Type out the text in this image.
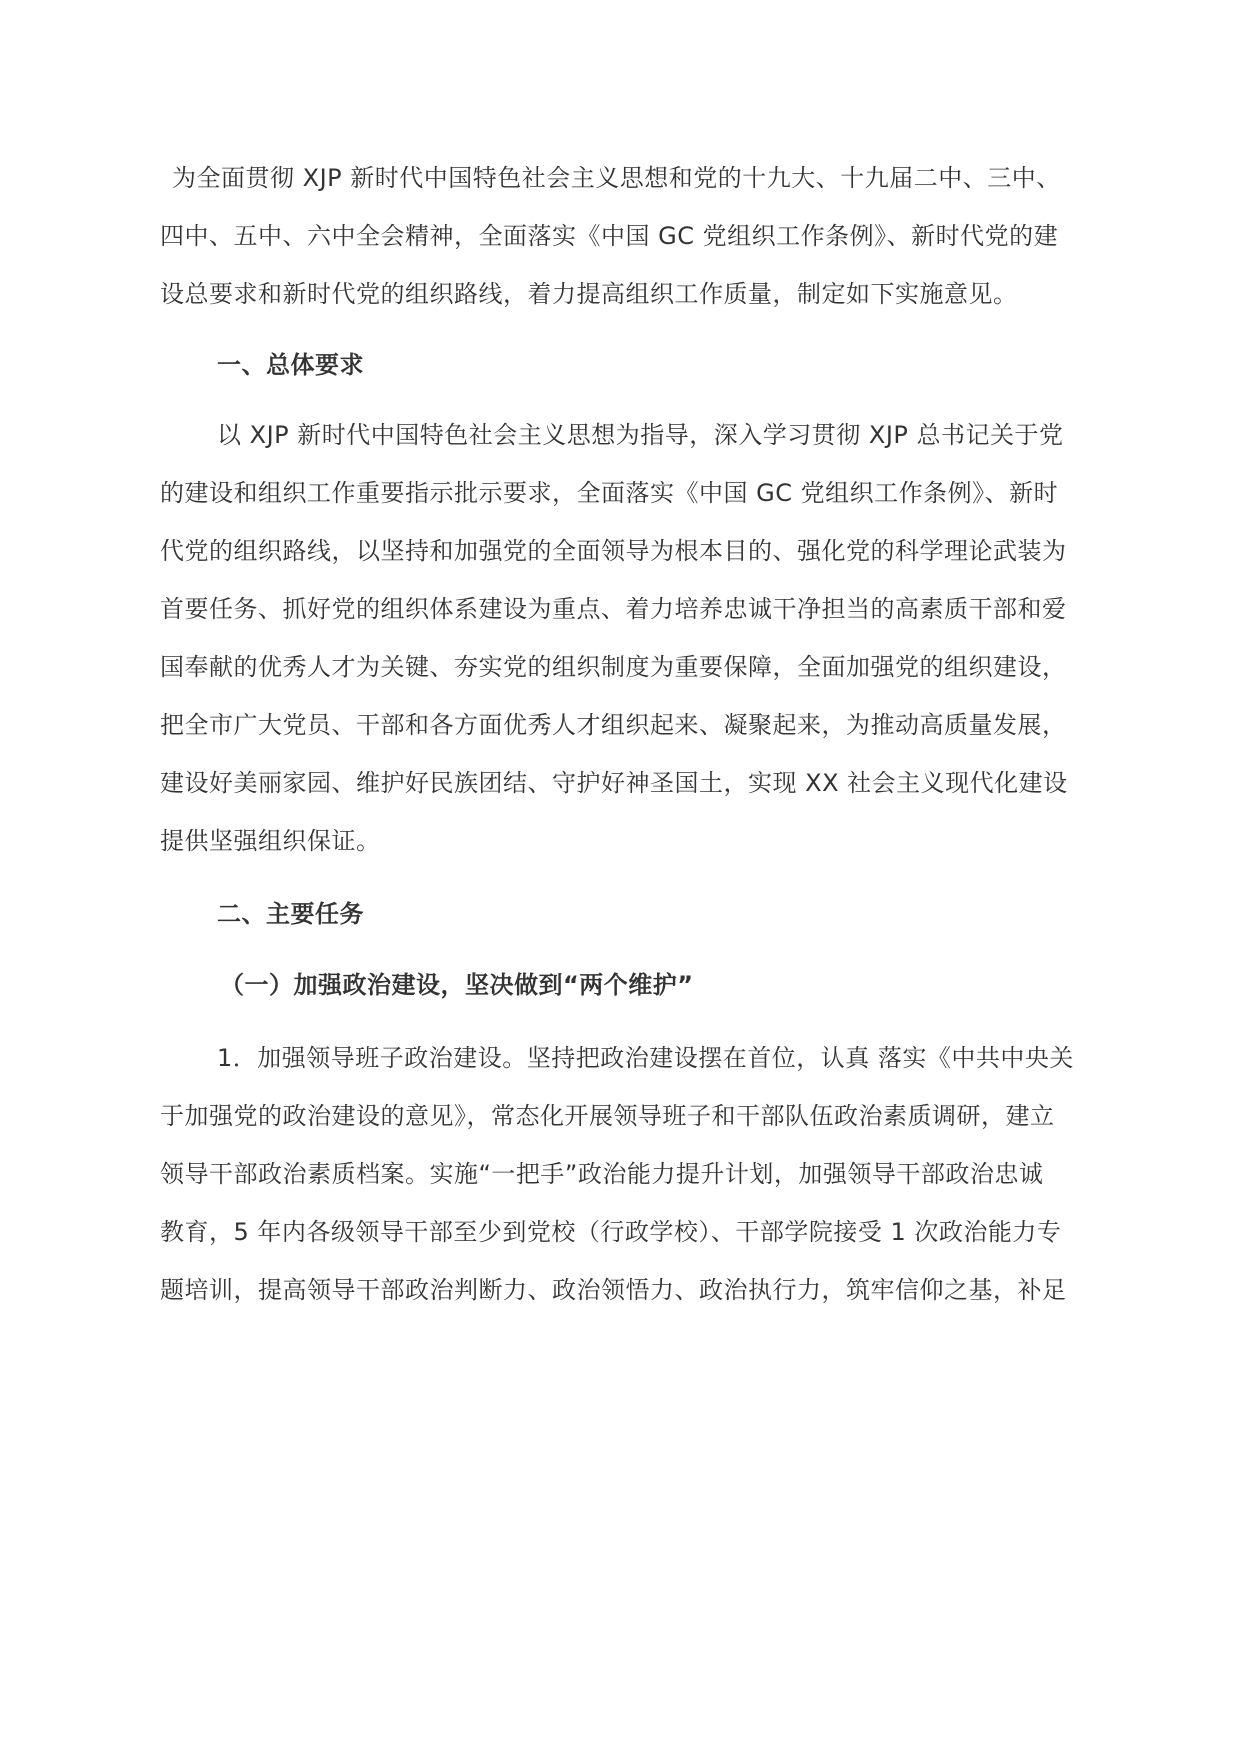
为全面贯彻 XJP 新时代中国特色社会主义思想和党的十九大、十九届二中、三中、

四中、五中、六中全会精神，全面落实《中国 GC 党组织工作条例》、新时代党的建

设总要求和新时代党的组织路线，着力提高组织工作质量，制定如下实施意见。

一、总体要求

以 XJP 新时代中国特色社会主义思想为指导，深入学习贯彻 XJP 总书记关于党

的建设和组织工作重要指示批示要求，全面落实《中国 GC 党组织工作条例》、新时

代党的组织路线，以坚持和加强党的全面领导为根本目的、强化党的科学理论武装为

首要任务、抓好党的组织体系建设为重点、着力培养忠诚干净担当的高素质干部和爱

国奉献的优秀人才为关键、夯实党的组织制度为重要保障，全面加强党的组织建设，

把全市广大党员、干部和各方面优秀人才组织起来、凝聚起来，为推动高质量发展，

建设好美丽家园、维护好民族团结、守护好神圣国土，实现 XX 社会主义现代化建设

提供坚强组织保证。

二、主要任务

（一）加强政治建设，坚决做到“两个维护”

1．加强领导班子政治建设。坚持把政治建设摆在首位，认真 落实《中共中央关

于加强党的政治建设的意见》，常态化开展领导班子和干部队伍政治素质调研，建立

领导干部政治素质档案。实施“一把手”政治能力提升计划，加强领导干部政治忠诚

教育，5 年内各级领导干部至少到党校（行政学校）、干部学院接受 1 次政治能力专

题培训，提高领导干部政治判断力、政治领悟力、政治执行力，筑牢信仰之基，补足
